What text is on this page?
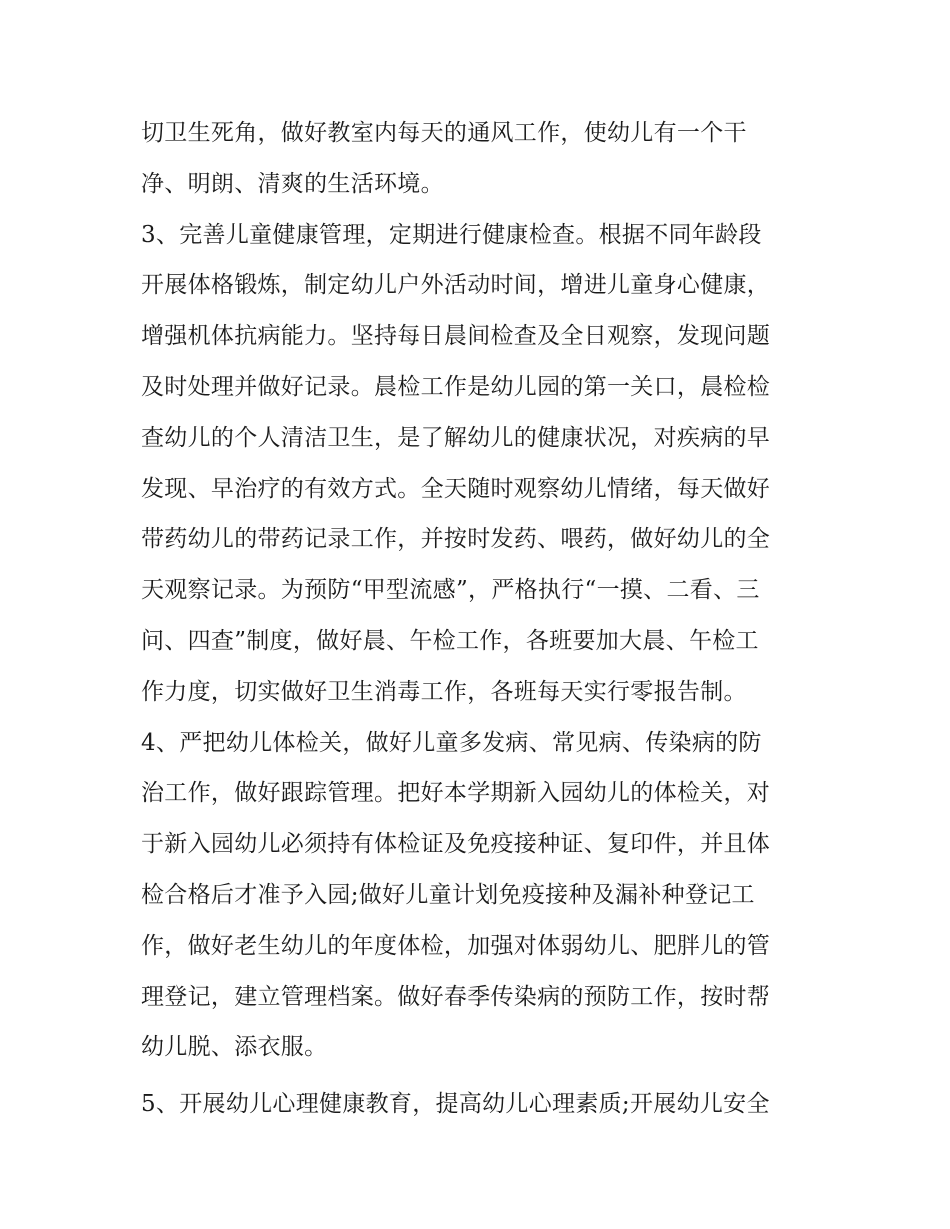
切卫生死角，做好教室内每天的通风工作，使幼儿有一个干
净、明朗、清爽的生活环境。
3、完善儿童健康管理，定期进行健康检查。根据不同年龄段
开展体格锻炼，制定幼儿户外活动时间，增进儿童身心健康，
增强机体抗病能力。坚持每日晨间检查及全日观察，发现问题
及时处理并做好记录。晨检工作是幼儿园的第一关口，晨检检
查幼儿的个人清洁卫生，是了解幼儿的健康状况，对疾病的早
发现、早治疗的有效方式。全天随时观察幼儿情绪，每天做好
带药幼儿的带药记录工作，并按时发药、喂药，做好幼儿的全
天观察记录。为预防“甲型流感”，严格执行“一摸、二看、三
问、四查”制度，做好晨、午检工作，各班要加大晨、午检工
作力度，切实做好卫生消毒工作，各班每天实行零报告制。
4、严把幼儿体检关，做好儿童多发病、常见病、传染病的防
治工作，做好跟踪管理。把好本学期新入园幼儿的体检关，对
于新入园幼儿必须持有体检证及免疫接种证、复印件，并且体
检合格后才准予入园;做好儿童计划免疫接种及漏补种登记工
作，做好老生幼儿的年度体检，加强对体弱幼儿、肥胖儿的管
理登记，建立管理档案。做好春季传染病的预防工作，按时帮
幼儿脱、添衣服。
5、开展幼儿心理健康教育，提高幼儿心理素质;开展幼儿安全
